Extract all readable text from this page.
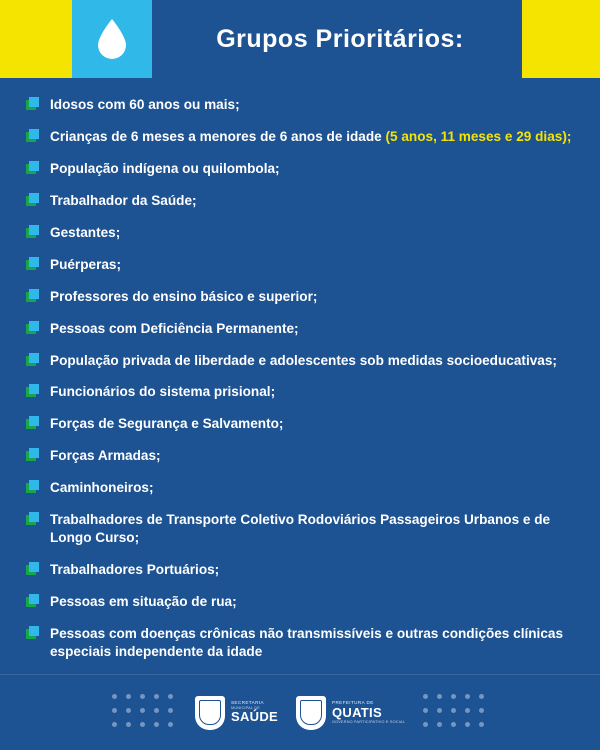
Grupos Prioritários:
Idosos com 60 anos ou mais;
Crianças de 6 meses a menores de 6 anos de idade (5 anos, 11 meses e 29 dias);
População indígena ou quilombola;
Trabalhador da Saúde;
Gestantes;
Puérperas;
Professores do ensino básico e superior;
Pessoas com Deficiência Permanente;
População privada de liberdade e adolescentes sob medidas socioeducativas;
Funcionários do sistema prisional;
Forças de Segurança e Salvamento;
Forças Armadas;
Caminhoneiros;
Trabalhadores de Transporte Coletivo Rodoviários Passageiros Urbanos e de Longo Curso;
Trabalhadores Portuários;
Pessoas em situação de rua;
Pessoas com doenças crônicas não transmissíveis e outras condições clínicas especiais independente da idade
SECRETARIA
MUNICIPAL DE
SAÚDE
PREFEITURA DE
QUATIS
GOVERNO PARTICIPATIVO E SOCIAL
